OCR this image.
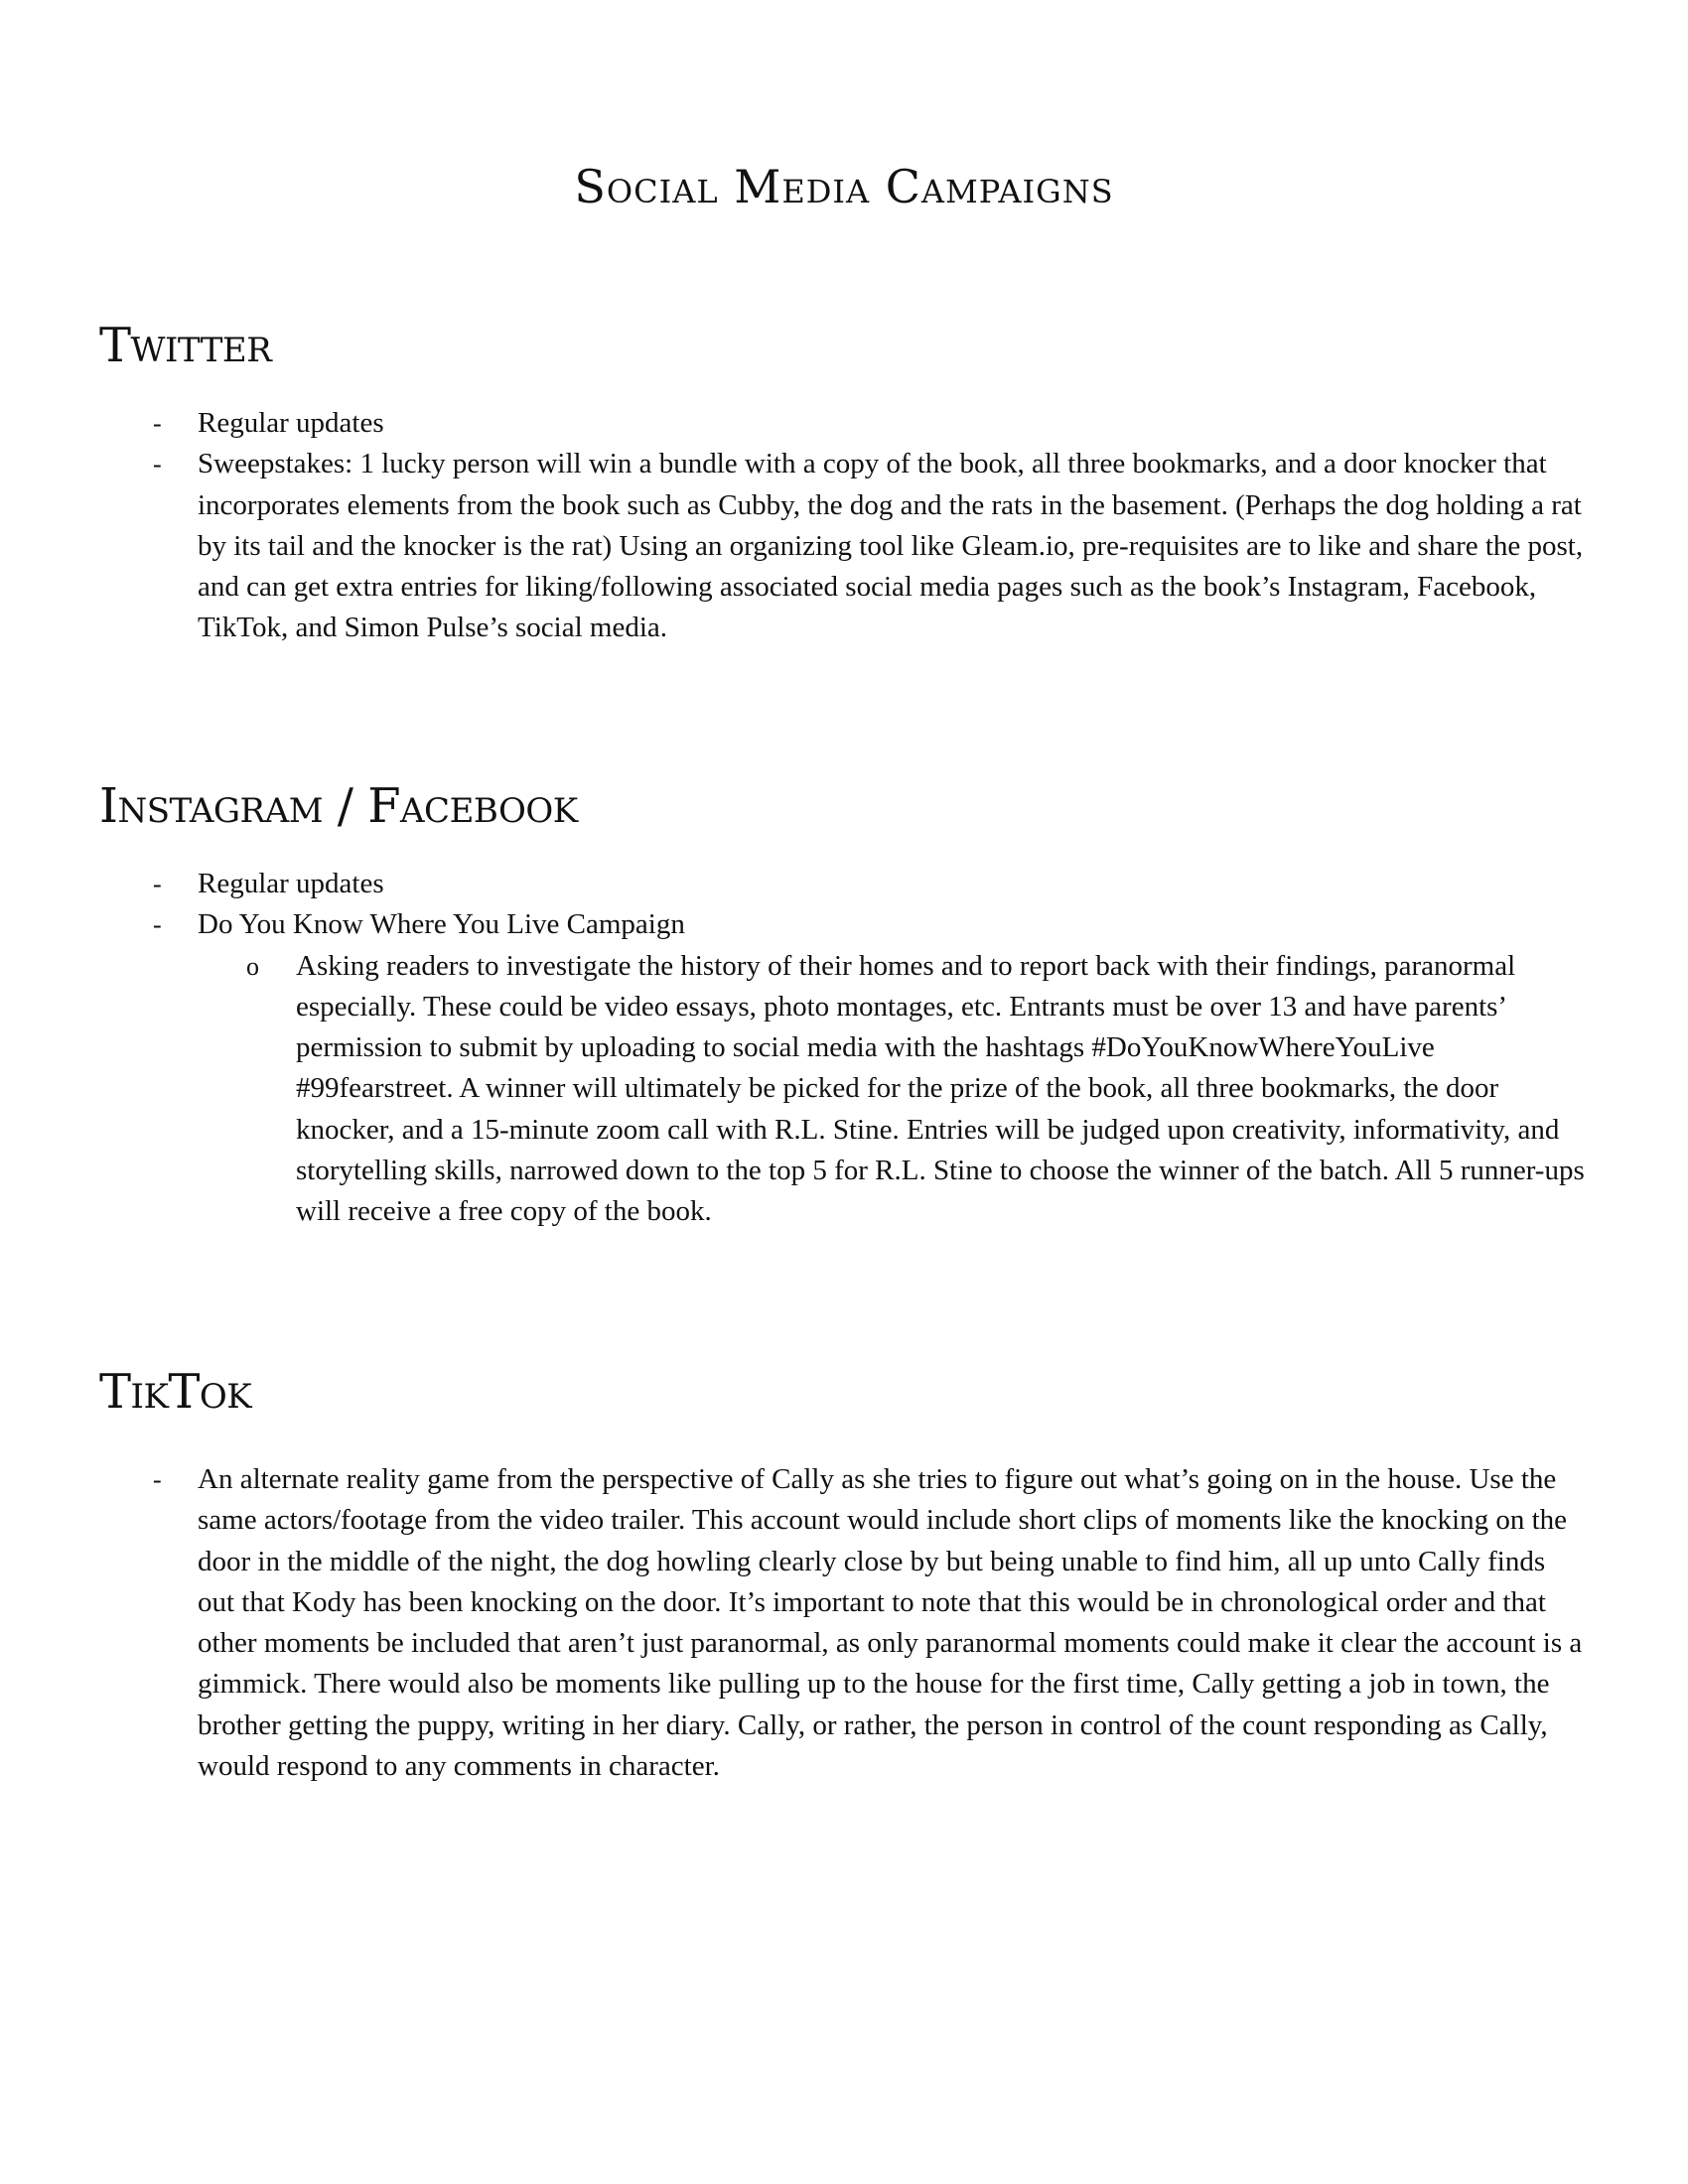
Social Media Campaigns
Twitter
- Regular updates
- Sweepstakes: 1 lucky person will win a bundle with a copy of the book, all three bookmarks, and a door knocker that incorporates elements from the book such as Cubby, the dog and the rats in the basement. (Perhaps the dog holding a rat by its tail and the knocker is the rat) Using an organizing tool like Gleam.io, pre-requisites are to like and share the post, and can get extra entries for liking/following associated social media pages such as the book’s Instagram, Facebook, TikTok, and Simon Pulse’s social media.
Instagram / Facebook
- Regular updates
- Do You Know Where You Live Campaign
o Asking readers to investigate the history of their homes and to report back with their findings, paranormal especially. These could be video essays, photo montages, etc. Entrants must be over 13 and have parents’ permission to submit by uploading to social media with the hashtags #DoYouKnowWhereYouLive #99fearstreet. A winner will ultimately be picked for the prize of the book, all three bookmarks, the door knocker, and a 15-minute zoom call with R.L. Stine. Entries will be judged upon creativity, informativity, and storytelling skills, narrowed down to the top 5 for R.L. Stine to choose the winner of the batch. All 5 runner-ups will receive a free copy of the book.
TikTok
- An alternate reality game from the perspective of Cally as she tries to figure out what’s going on in the house. Use the same actors/footage from the video trailer. This account would include short clips of moments like the knocking on the door in the middle of the night, the dog howling clearly close by but being unable to find him, all up unto Cally finds out that Kody has been knocking on the door. It’s important to note that this would be in chronological order and that other moments be included that aren’t just paranormal, as only paranormal moments could make it clear the account is a gimmick. There would also be moments like pulling up to the house for the first time, Cally getting a job in town, the brother getting the puppy, writing in her diary. Cally, or rather, the person in control of the count responding as Cally, would respond to any comments in character.
